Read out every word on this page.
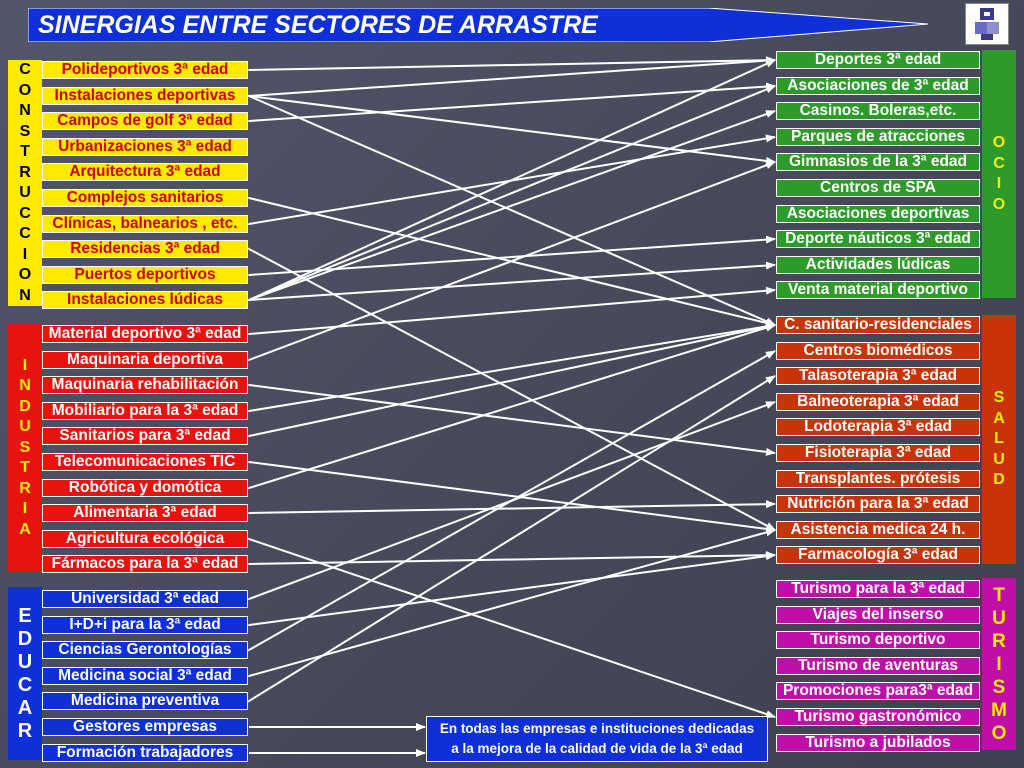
SINERGIAS ENTRE SECTORES DE ARRASTRE
C
O
N
S
T
R
U
C
C
I
O
N
I
N
D
U
S
T
R
I
A
E
D
U
C
A
R
O
C
I
O
S
A
L
U
D
T
U
R
I
S
M
O
Polideportivos 3ª edad
Instalaciones deportivas
Campos de golf 3ª edad
Urbanizaciones 3ª edad
Arquitectura 3ª edad
Complejos sanitarios
Clínicas, balnearios , etc.
Residencias 3ª edad
Puertos deportivos
Instalaciones lúdicas
Material deportivo 3ª edad
Maquinaria deportiva
Maquinaria rehabilitación
Mobiliario para la 3ª edad
Sanitarios para 3ª edad
Telecomunicaciones TIC
Robótica y domótica
Alimentaria 3ª edad
Agricultura ecológica
Fármacos para la 3ª edad
Universidad 3ª edad
I+D+i para la 3ª edad
Ciencias Gerontologías
Medicina social 3ª edad
Medicina preventiva
Gestores empresas
Formación trabajadores
Deportes 3ª edad
Asociaciones de 3ª edad
Casinos. Boleras,etc.
Parques de atracciones
Gimnasios de la 3ª edad
Centros de SPA
Asociaciones deportivas
Deporte náuticos 3ª edad
Actividades lúdicas
Venta material deportivo
C. sanitario-residenciales
Centros biomédicos
Talasoterapia 3ª edad
Balneoterapia 3ª edad
Lodoterapia 3ª edad
Fisioterapia 3ª edad
Transplantes. prótesis
Nutrición para la 3ª edad
Asistencia medica 24 h.
Farmacología 3ª edad
Turismo para la 3ª edad
Viajes del inserso
Turismo deportivo
Turismo de aventuras
Promociones para3ª edad
Turismo gastronómico
Turismo a jubilados
En todas las empresas e instituciones dedicadas
a la mejora de la calidad de vida de la 3ª edad
